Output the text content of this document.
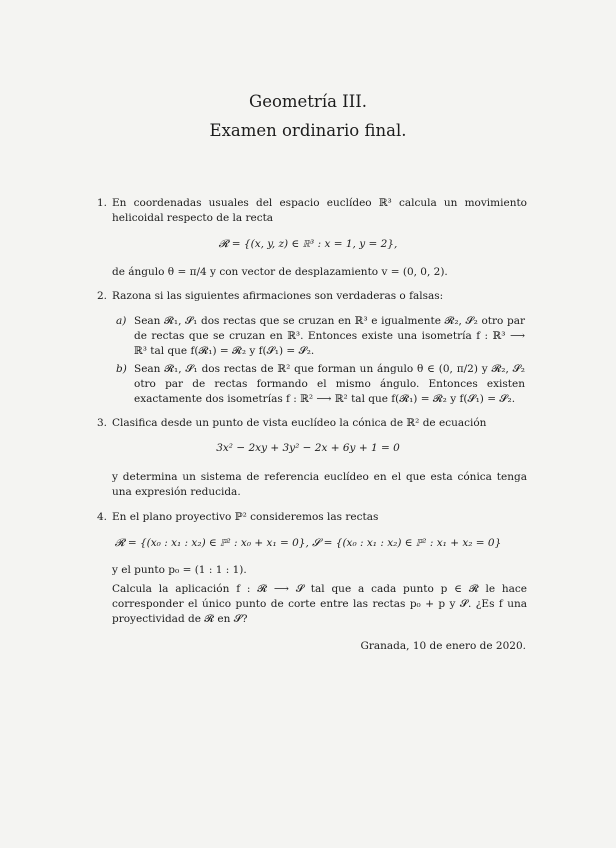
Geometría III.
Examen ordinario final.
1. En coordenadas usuales del espacio euclídeo ℝ³ calcula un movimiento helicoidal respecto de la recta
𝓡 = {(x, y, z) ∈ ℝ³ : x = 1, y = 2},
de ángulo θ = π/4 y con vector de desplazamiento v = (0, 0, 2).
2. Razona si las siguientes afirmaciones son verdaderas o falsas:
a) Sean 𝓡₁, 𝓢₁ dos rectas que se cruzan en ℝ³ e igualmente 𝓡₂, 𝓢₂ otro par de rectas que se cruzan en ℝ³. Entonces existe una isometría f : ℝ³ ⟶ ℝ³ tal que f(𝓡₁) = 𝓡₂ y f(𝓢₁) = 𝓢₂.
b) Sean 𝓡₁, 𝓢₁ dos rectas de ℝ² que forman un ángulo θ ∈ (0, π/2) y 𝓡₂, 𝓢₂ otro par de rectas formando el mismo ángulo. Entonces existen exactamente dos isometrías f : ℝ² ⟶ ℝ² tal que f(𝓡₁) = 𝓡₂ y f(𝓢₁) = 𝓢₂.
3. Clasifica desde un punto de vista euclídeo la cónica de ℝ² de ecuación
3x² − 2xy + 3y² − 2x + 6y + 1 = 0
y determina un sistema de referencia euclídeo en el que esta cónica tenga una expresión reducida.
4. En el plano proyectivo ℙ² consideremos las rectas
𝓡 = {(x₀ : x₁ : x₂) ∈ ℙ² : x₀ + x₁ = 0}, 𝓢 = {(x₀ : x₁ : x₂) ∈ ℙ² : x₁ + x₂ = 0}
y el punto p₀ = (1 : 1 : 1).
Calcula la aplicación f : 𝓡 ⟶ 𝓢 tal que a cada punto p ∈ 𝓡 le hace corresponder el único punto de corte entre las rectas p₀ + p y 𝓢. ¿Es f una proyectividad de 𝓡 en 𝓢?
Granada, 10 de enero de 2020.
